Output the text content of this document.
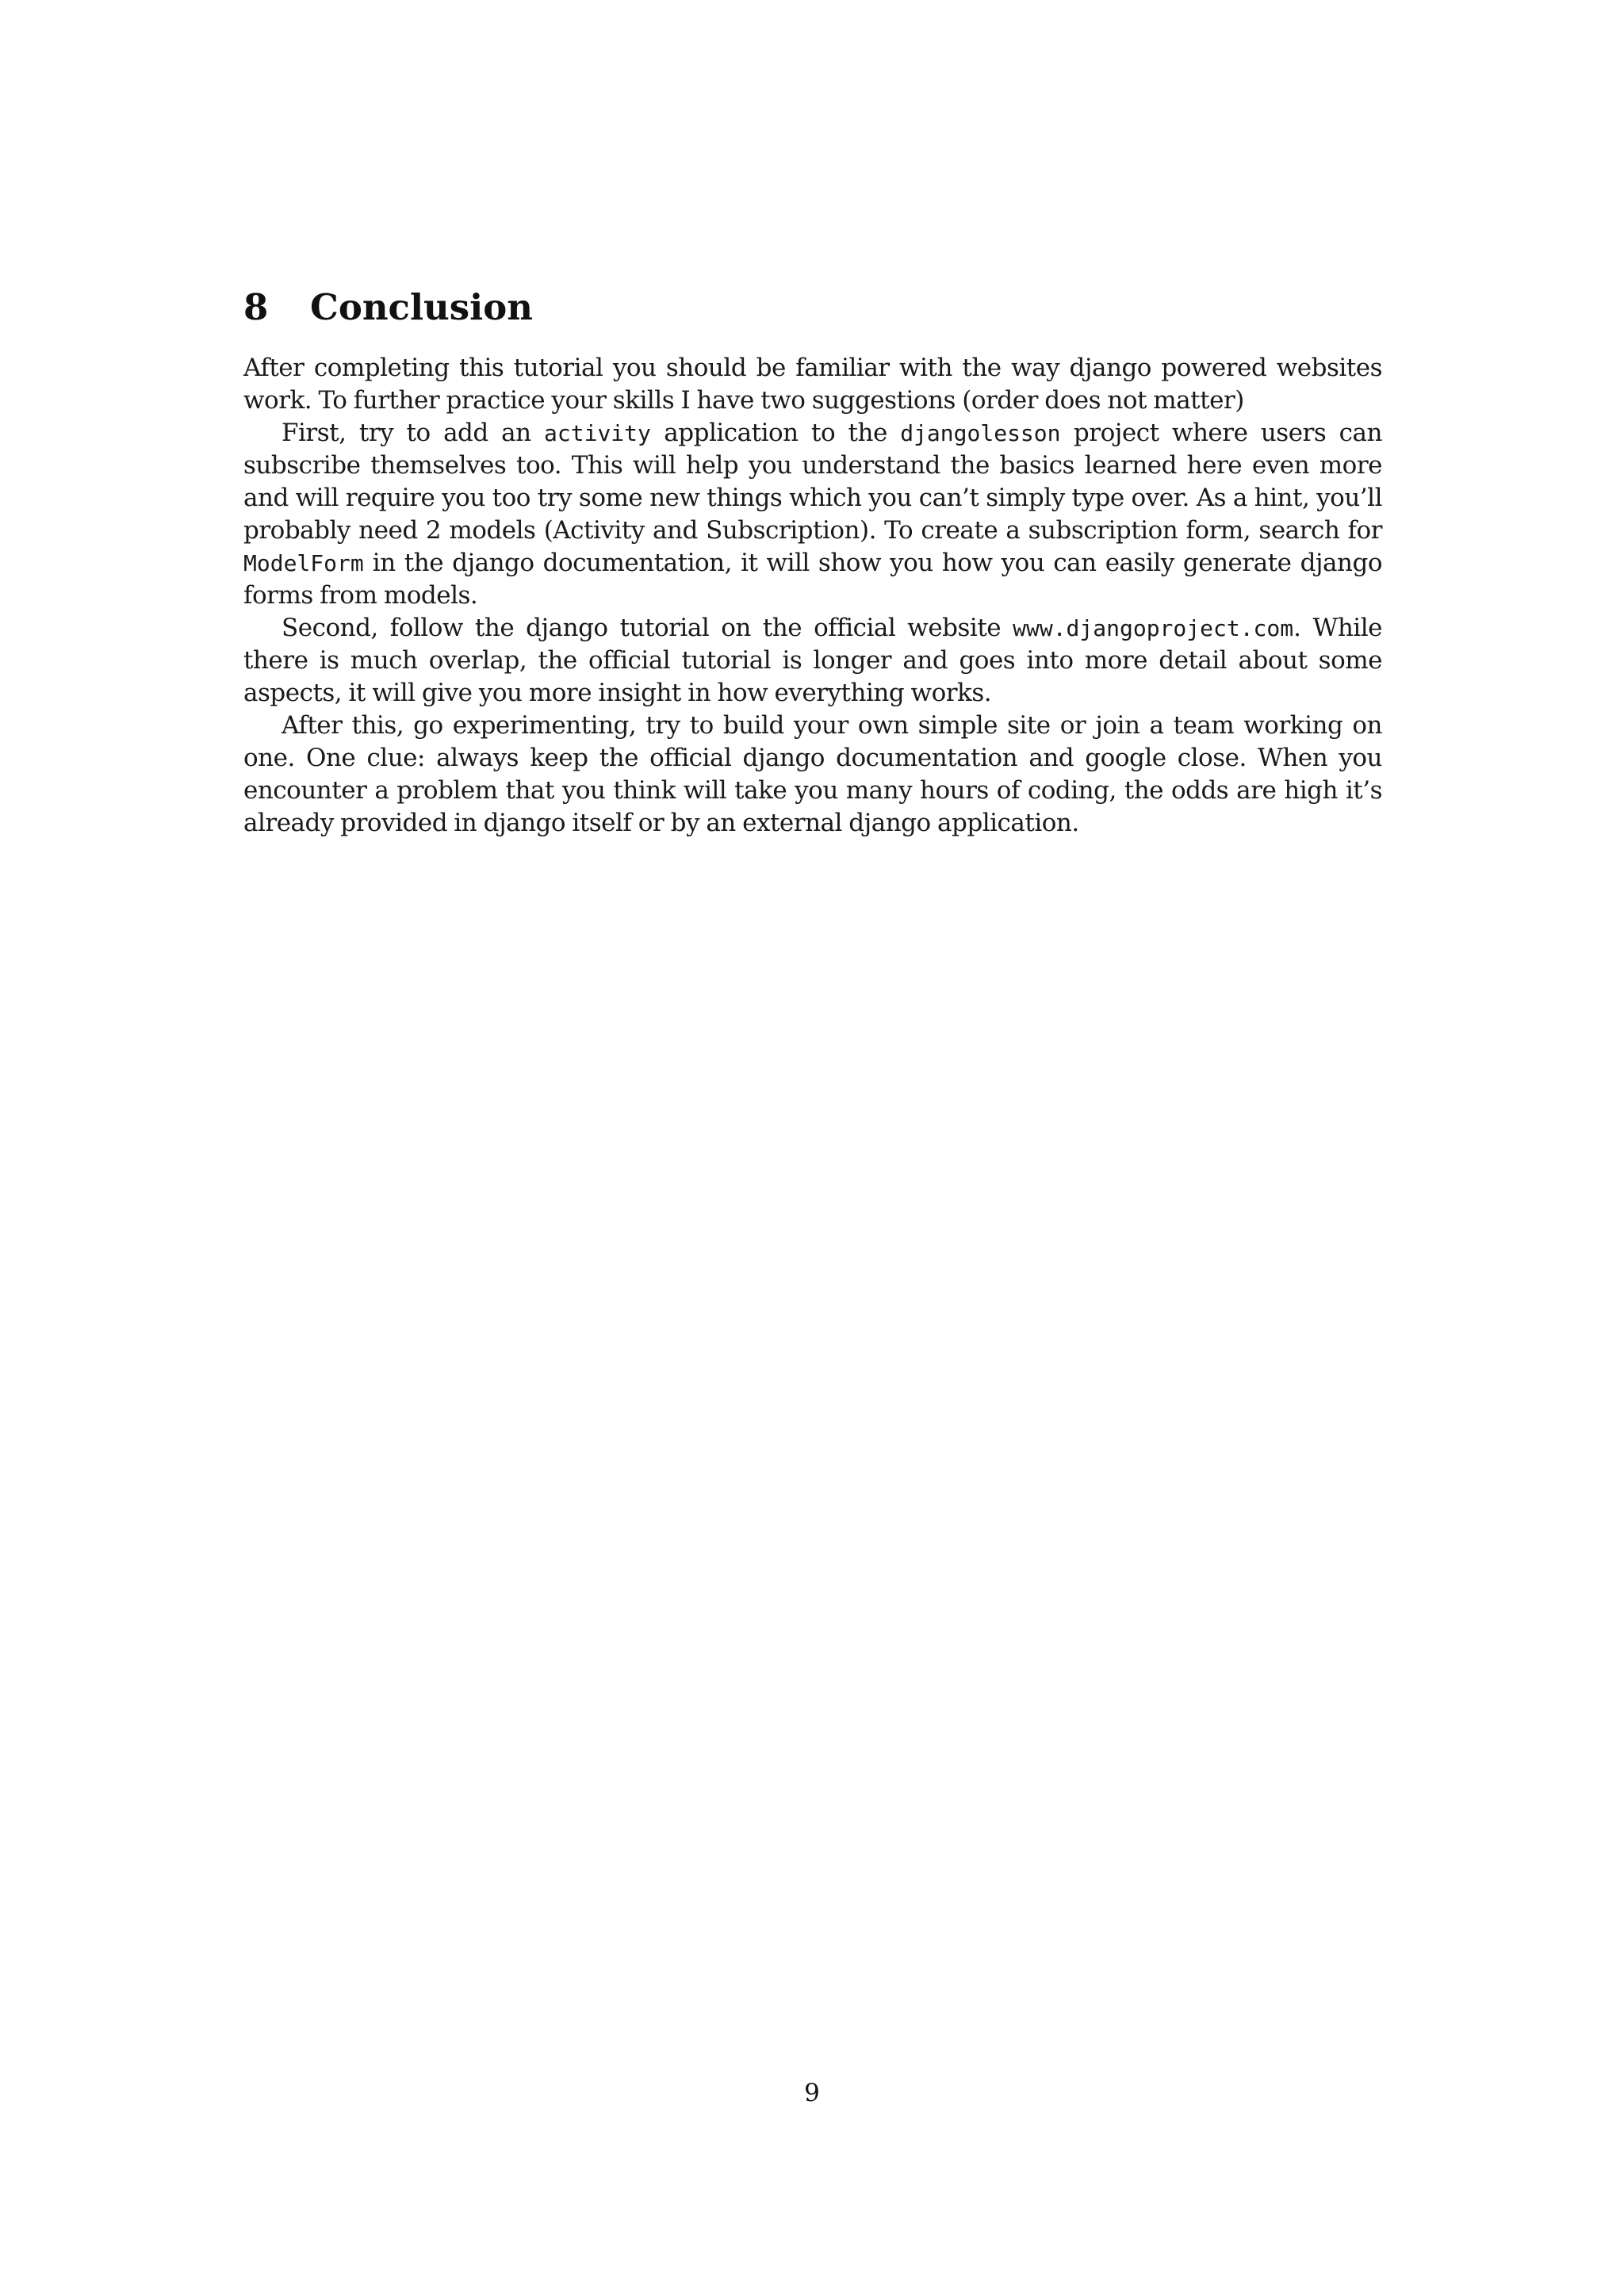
8	Conclusion

After completing this tutorial you should be familiar with the way django powered websites work. To further practice your skills I have two suggestions (order does not matter)

First, try to add an activity application to the djangolesson project where users can subscribe themselves too. This will help you understand the basics learned here even more and will require you too try some new things which you can’t simply type over. As a hint, you’ll probably need 2 models (Activity and Subscription). To create a subscription form, search for ModelForm in the django documentation, it will show you how you can easily generate django forms from models.

Second, follow the django tutorial on the official website www.djangoproject.com. While there is much overlap, the official tutorial is longer and goes into more detail about some aspects, it will give you more insight in how everything works.

After this, go experimenting, try to build your own simple site or join a team working on one. One clue: always keep the official django documentation and google close. When you encounter a problem that you think will take you many hours of coding, the odds are high it’s already provided in django itself or by an external django application.

9
